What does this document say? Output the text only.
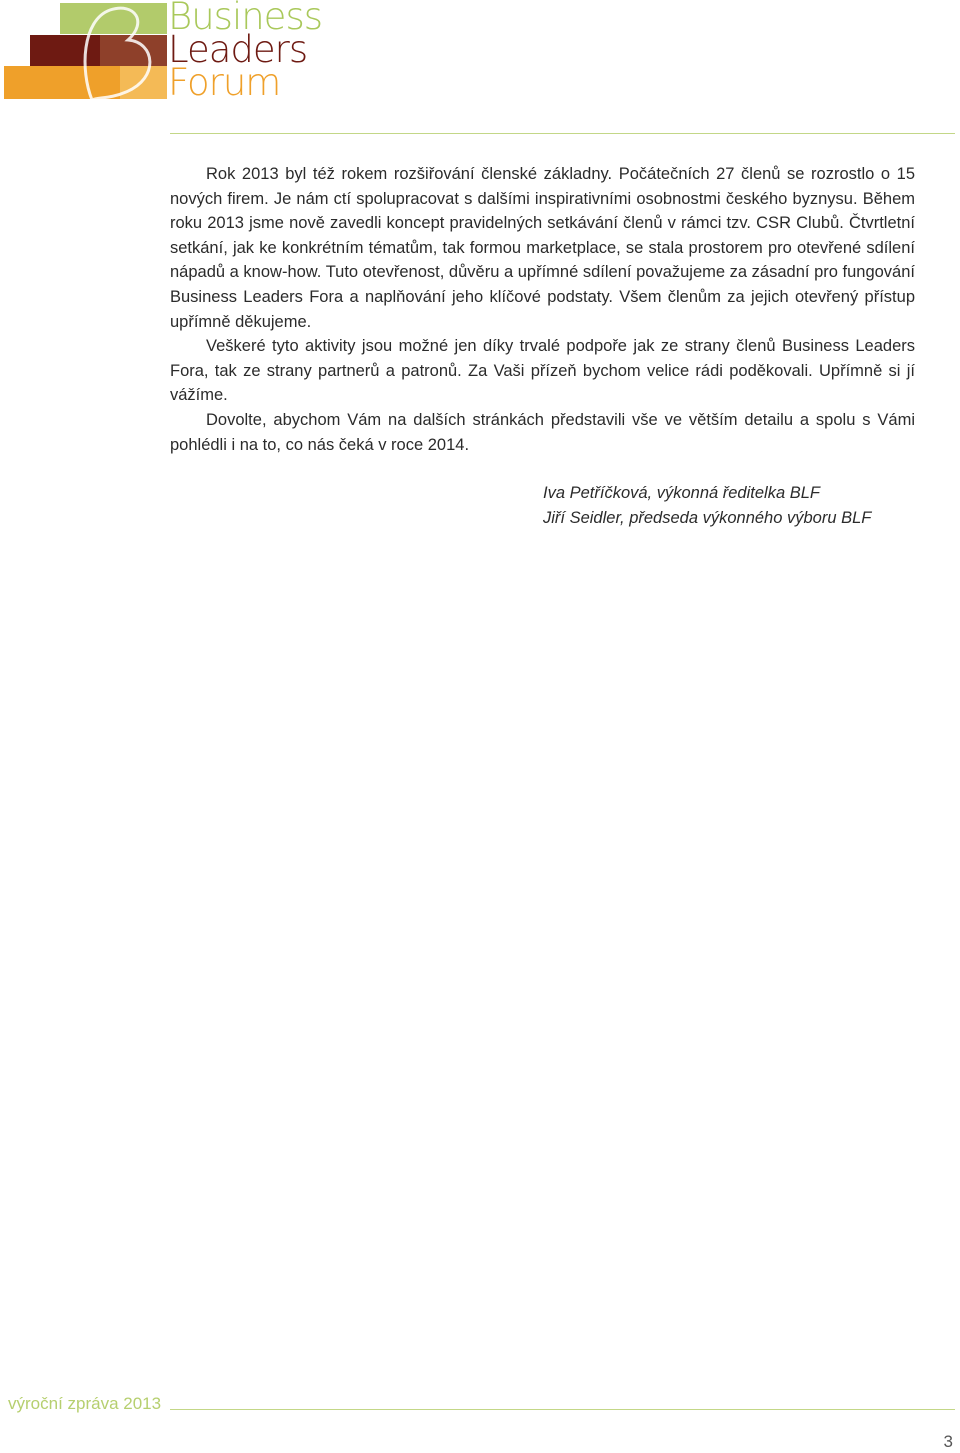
Business
Leaders
Forum

Rok 2013 byl též rokem rozšiřování členské základny. Počátečních 27 členů se rozrostlo o 15 nových firem. Je nám ctí spolupracovat s dalšími inspirativními osobnostmi českého byznysu. Během roku 2013 jsme nově zavedli koncept pravidelných setkávání členů v rámci tzv. CSR Clubů. Čtvrtletní setkání, jak ke konkrétním tématům, tak formou marketplace, se stala prostorem pro otevřené sdílení nápadů a know-how. Tuto otevřenost, důvěru a upřímné sdílení považujeme za zásadní pro fungování Business Leaders Fora a naplňování jeho klíčové podstaty. Všem členům za jejich otevřený přístup upřímně děkujeme.

Veškeré tyto aktivity jsou možné jen díky trvalé podpoře jak ze strany členů Business Leaders Fora, tak ze strany partnerů a patronů. Za Vaši přízeň bychom velice rádi poděkovali. Upřímně si jí vážíme.

Dovolte, abychom Vám na dalších stránkách představili vše ve větším detailu a spolu s Vámi pohlédli i na to, co nás čeká v roce 2014.

Iva Petříčková, výkonná ředitelka BLF
Jiří Seidler, předseda výkonného výboru BLF
výroční zpráva 2013
3
